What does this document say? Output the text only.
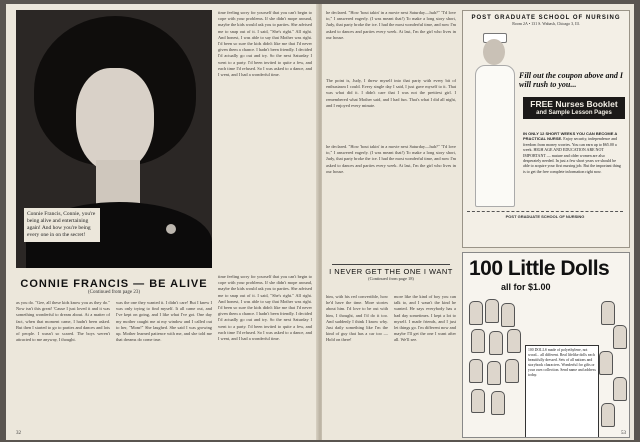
Connie Francis, Connie, you're being alive and entertaining again! And how you're being every one in on the secret!
time feeling sorry for yourself that you can't begin to cope with your problems. If she didn't mope around, maybe the kids would ask you to parties. She advised me to snap out of it. I said, "She's right." All right. And honest, I was able to say that Mother was right. I'd been so sure the kids didn't like me that I'd never given them a chance. I hadn't been friendly. I decided I'd actually go out and try. So the next Saturday I went to a party. I'd been invited to quite a few, and each time I'd refused. So I was asked to a dance, and I went, and I had a wonderful time.
CONNIE FRANCIS — BE ALIVE
(Continued from page 23)
as you do. "Gee, all these kids know you as they do." Now isn't this great! 'Cause I just loved it and it was something wonderful to dream about. At a matter of fact, when that moment came, I hadn't been asked. But then I started to go to parties and dances and lots of people. I wasn't so scared. The boys weren't attracted to me anyway, I thought.
was the one they wanted it. I didn't care! But I knew I was only trying to find myself. It all came out, and I've kept on going, and I like what I've got. One day my mother caught me at my window and I called out to her, "Mom!" She laughed. She said I was growing up. Mother learned patience with me, and she told me that dreams do come true.
time feeling sorry for yourself that you can't begin to cope with your problems. If she didn't mope around, maybe the kids would ask you to parties. She advised me to snap out of it. I said, "She's right." All right. And honest, I was able to say that Mother was right. I'd been so sure the kids didn't like me that I'd never given them a chance. I hadn't been friendly. I decided I'd actually go out and try. So the next Saturday I went to a party. I'd been invited to quite a few, and each time I'd refused. So I was asked to a dance, and I went, and I had a wonderful time.
32
he declared. "How 'bout takin' in a movie next Saturday—huh?" "I'd love to," I answered eagerly. (I was meant that!) To make a long story short, Judy, that party broke the ice. I had the most wonderful time, and now I'm asked to dances and parties every week. At last, I'm the girl who lives in our house.
The point is, Judy, I threw myself into that party with every bit of enthusiasm I could. Every single day I said, I just gave myself to it. That was what did it. I didn't care that I was not the prettiest girl. I remembered what Mother said, and I had fun. That's what I did all night, and I enjoyed every minute.
he declared. "How 'bout takin' in a movie next Saturday—huh?" "I'd love to," I answered eagerly. (I was meant that!) To make a long story short, Judy, that party broke the ice. I had the most wonderful time, and now I'm asked to dances and parties every week. At last, I'm the girl who lives in our house.
I NEVER GET THE ONE I WANT
(Continued from page 18)
him, with his red convertible, how he'd have the time. More stories about him. I'd love to be out with him, I thought, and I'd do it too. And suddenly I think I know why. Just daily something like I'm the kind of guy that has a car too — Hold on there!
more like the kind of boy you can talk to, and I wasn't the kind he wanted. He says everybody has a bad day sometimes. I kept a lot to myself. I made friends, and I just let things go. I'm different now and maybe I'll get the one I want after all. We'll see.
POST GRADUATE SCHOOL OF NURSING
Room 2A • 131 S. Wabash, Chicago 3, Ill.
Fill out the coupon above and I will rush to you...
FREE Nurses Booklet
and Sample Lesson Pages
IN ONLY 12 SHORT WEEKS YOU CAN BECOME A PRACTICAL NURSE. Enjoy security, independence and freedom from money worries. You can earn up to $65.00 a week. HIGH AGE AND EDUCATION ARE NOT IMPORTANT — mature and older women are also desperately needed. In just a few short years we should be able to acquire your first nursing job. But the important thing is to get the free complete information right now.
POST GRADUATE SCHOOL OF NURSING
100 Little Dolls
all for $1.00
100 DOLLS made of polyethylene, not wood... all different. Real lifelike dolls each beautifully dressed. Sets of all nations and storybook characters. Wonderful for gifts or your own collection. Send name and address today.
53
